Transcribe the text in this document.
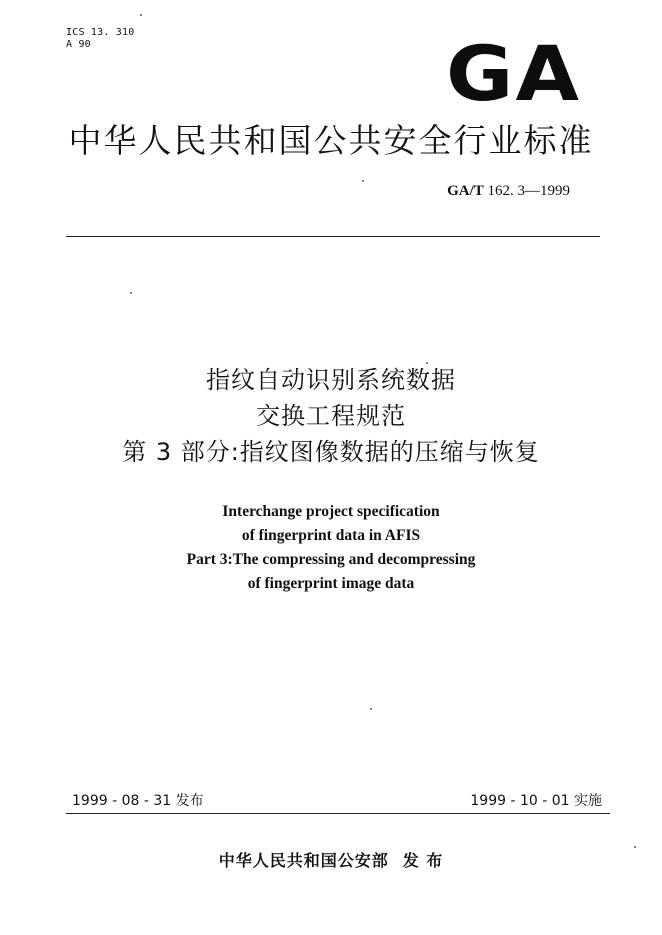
ICS 13. 310
A 90	GA
中华人民共和国公共安全行业标准
GA/T 162. 3—1999
指纹自动识别系统数据
交换工程规范
第 3 部分:指纹图像数据的压缩与恢复
Interchange project specification
of fingerprint data in AFIS
Part 3:The compressing and decompressing
of fingerprint image data
1999 - 08 - 31 发布	1999 - 10 - 01 实施
中华人民共和国公安部 发 布
